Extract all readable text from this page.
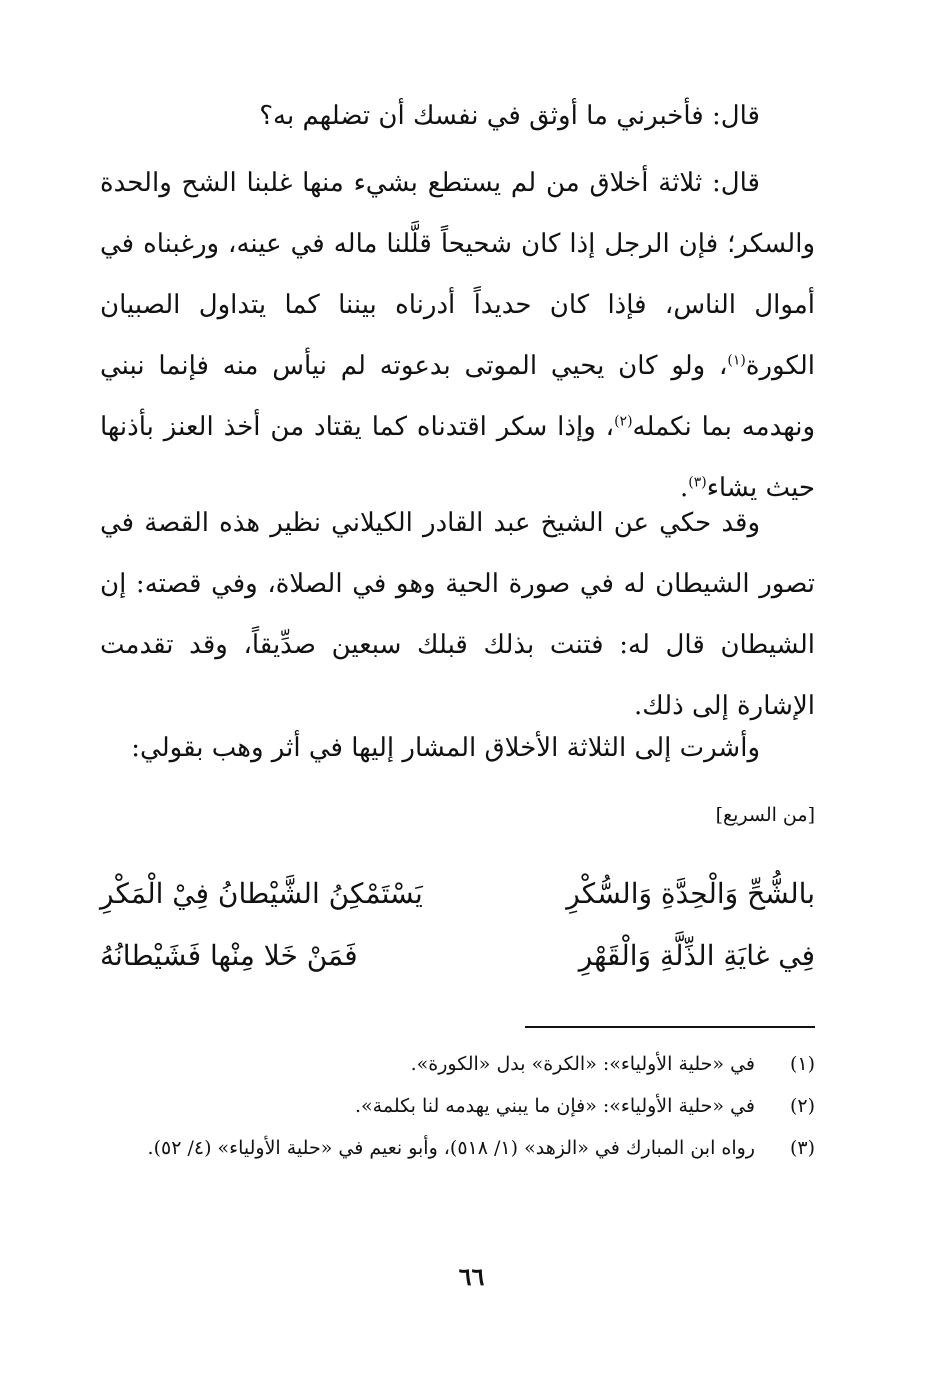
قال: فأخبرني ما أوثق في نفسك أن تضلهم به؟

قال: ثلاثة أخلاق من لم يستطع بشيء منها غلبنا الشح والحدة والسكر؛ فإن الرجل إذا كان شحيحاً قلَّلنا ماله في عينه، ورغبناه في أموال الناس، فإذا كان حديداً أدرناه بيننا كما يتداول الصبيان الكورة$^{(١)}$، ولو كان يحيي الموتى بدعوته لم نيأس منه فإنما نبني ونهدمه بما نكمله$^{(٢)}$، وإذا سكر اقتدناه كما يقتاد من أخذ العنز بأذنها حيث يشاء$^{(٣)}$.

وقد حكي عن الشيخ عبد القادر الكيلاني نظير هذه القصة في تصور الشيطان له في صورة الحية وهو في الصلاة، وفي قصته: إن الشيطان قال له: فتنت بذلك قبلك سبعين صدِّيقاً، وقد تقدمت الإشارة إلى ذلك.

وأشرت إلى الثلاثة الأخلاق المشار إليها في أثر وهب بقولي:

[من السريع]
بالشُّحِّ وَالْحِدَّةِ وَالسُّكْرِ
يَسْتَمْكِنُ الشَّيْطانُ فِيْ الْمَكْرِ
فِي غايَةِ الذِّلَّةِ وَالْقَهْرِ
فَمَنْ خَلا مِنْها فَشَيْطانُهُ
(١)
في «حلية الأولياء»: «الكرة» بدل «الكورة».
(٢)
في «حلية الأولياء»: «فإن ما يبني يهدمه لنا بكلمة».
(٣)
رواه ابن المبارك في «الزهد» (١/ ٥١٨)، وأبو نعيم في «حلية الأولياء» (٤/ ٥٢).
٦٦
